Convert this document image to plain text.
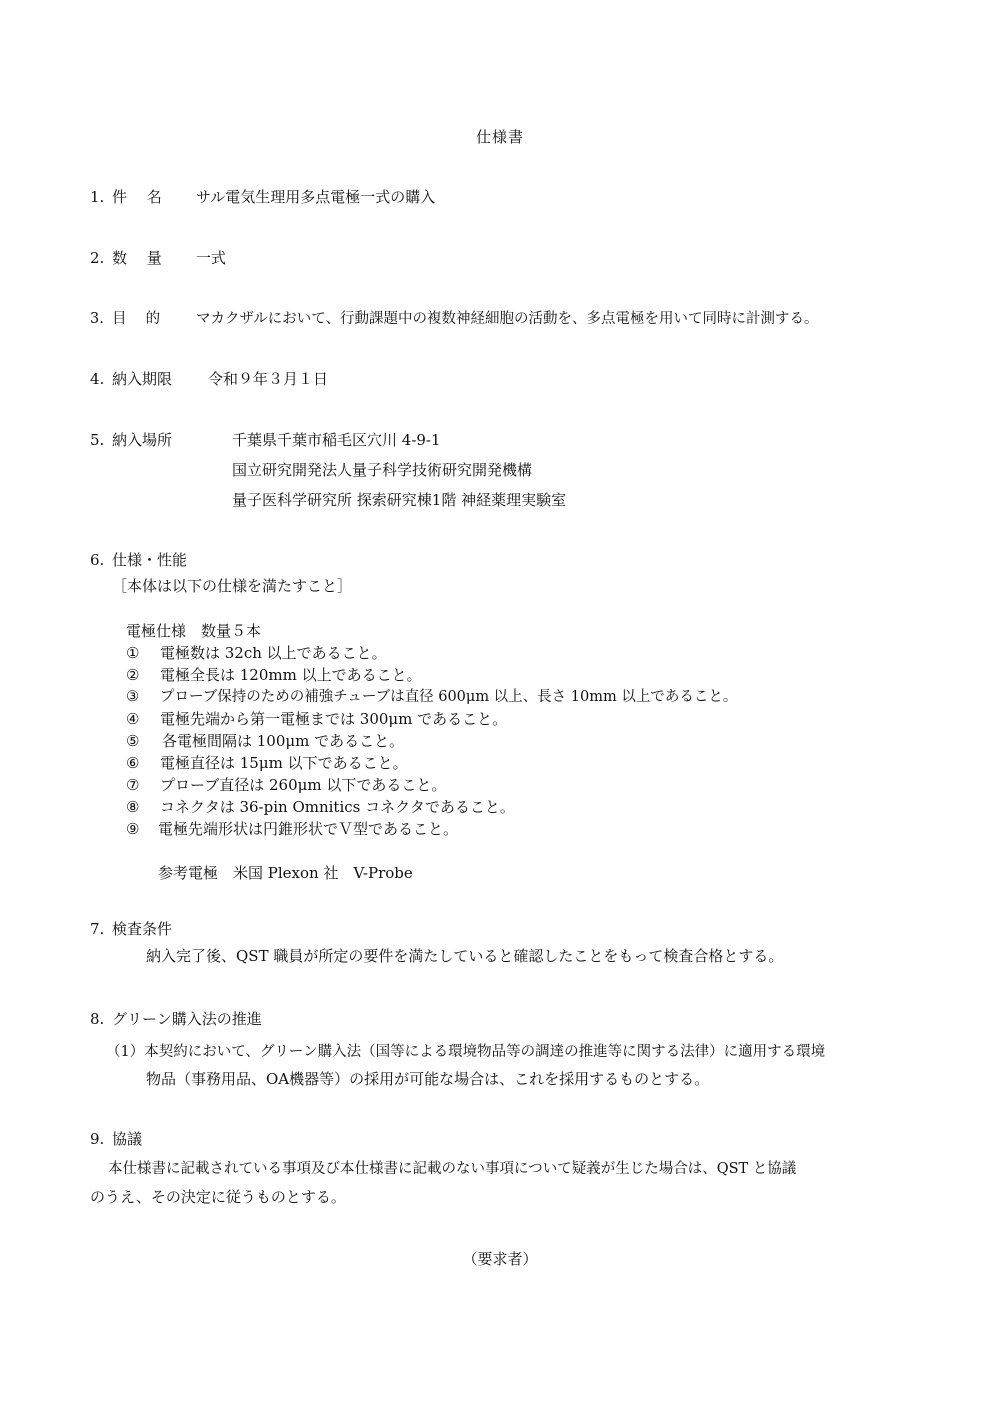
仕様書
1. 件　 名 サル電気生理用多点電極一式の購入
2. 数　 量 一式
3. 目　 的 マカクザルにおいて、行動課題中の複数神経細胞の活動を、多点電極を用いて同時に計測する。
4. 納入期限 令和９年３月１日
5. 納入場所	千葉県千葉市稲毛区穴川 4-9-1
国立研究開発法人量子科学技術研究開発機構
量子医科学研究所 探索研究棟1階 神経薬理実験室
6. 仕様・性能
［本体は以下の仕様を満たすこと］
電極仕様　数量５本
① 電極数は 32ch 以上であること。
② 電極全長は 120mm 以上であること。
③ プローブ保持のための補強チューブは直径 600μm 以上、長さ 10mm 以上であること。
④ 電極先端から第一電極までは 300μm であること。
⑤ 各電極間隔は 100μm であること。
⑥ 電極直径は 15μm 以下であること。
⑦ プローブ直径は 260μm 以下であること。
⑧ コネクタは 36-pin Omnitics コネクタであること。
⑨ 電極先端形状は円錐形状でＶ型であること。
参考電極　米国 Plexon 社　V-Probe
7. 検査条件
納入完了後、QST 職員が所定の要件を満たしていると確認したことをもって検査合格とする。
8. グリーン購入法の推進
（1）本契約において、グリーン購入法（国等による環境物品等の調達の推進等に関する法律）に適用する環境
物品（事務用品、OA機器等）の採用が可能な場合は、これを採用するものとする。
9. 協議
本仕様書に記載されている事項及び本仕様書に記載のない事項について疑義が生じた場合は、QST と協議
のうえ、その決定に従うものとする。
（要求者）
